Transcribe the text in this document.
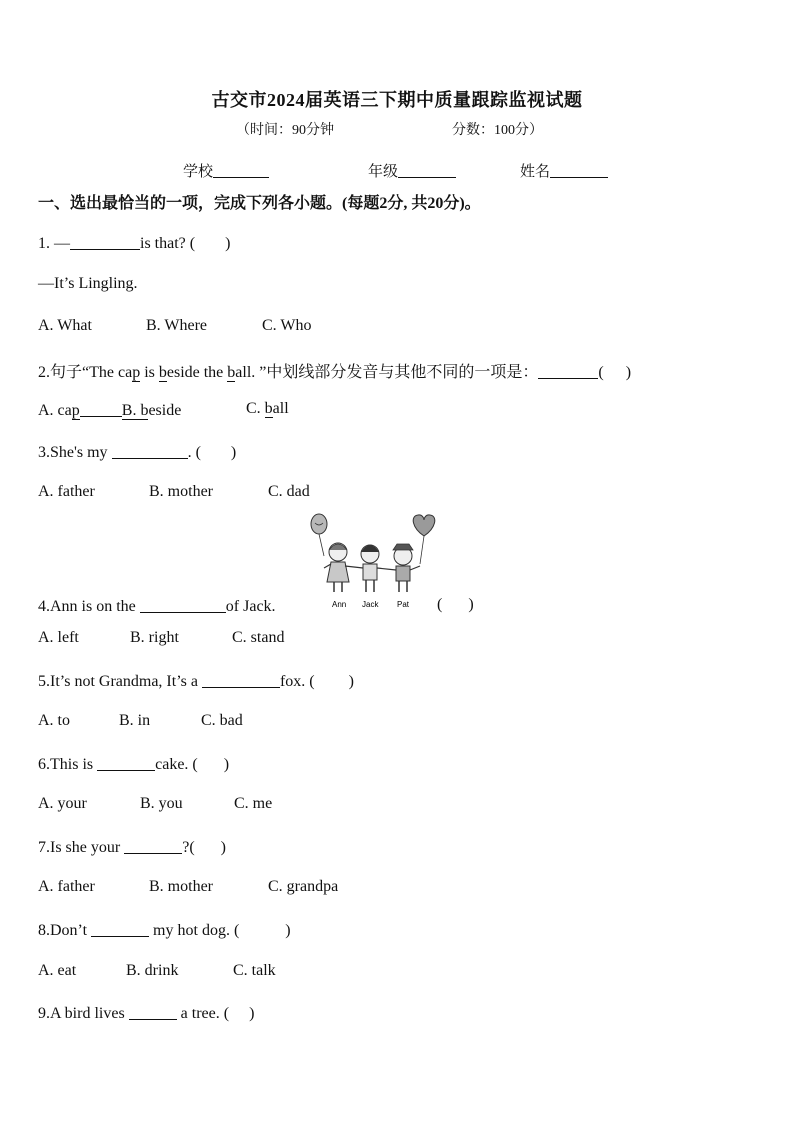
古交市2024届英语三下期中质量跟踪监视试题
（时间：90分钟	分数：100分）
学校	年级	姓名
一、选出最恰当的一项，完成下列各小题。(每题2分, 共20分)。
1. —	is that? ( )
—It’s Lingling.
A. What	B. Where	C. Who
2.句子“The cap is beside the ball. ”中划线部分发音与其他不同的一项是：	( )
A. cap	B. beside	C. ball
3.She's my	. ( )
A. father	B. mother	C. dad
Ann Jack Pat
4.Ann is on the	of Jack.	( )
A. left	B. right	C. stand
5.It’s not Grandma, It’s a	fox. ( )
A. to	B. in	C. bad
6.This is	cake. ( )
A. your	B. you	C. me
7.Is she your	?( )
A. father	B. mother	C. grandpa
8.Don’t	my hot dog. (	)
A. eat	B. drink	C. talk
9.A bird lives	a tree. ( )
